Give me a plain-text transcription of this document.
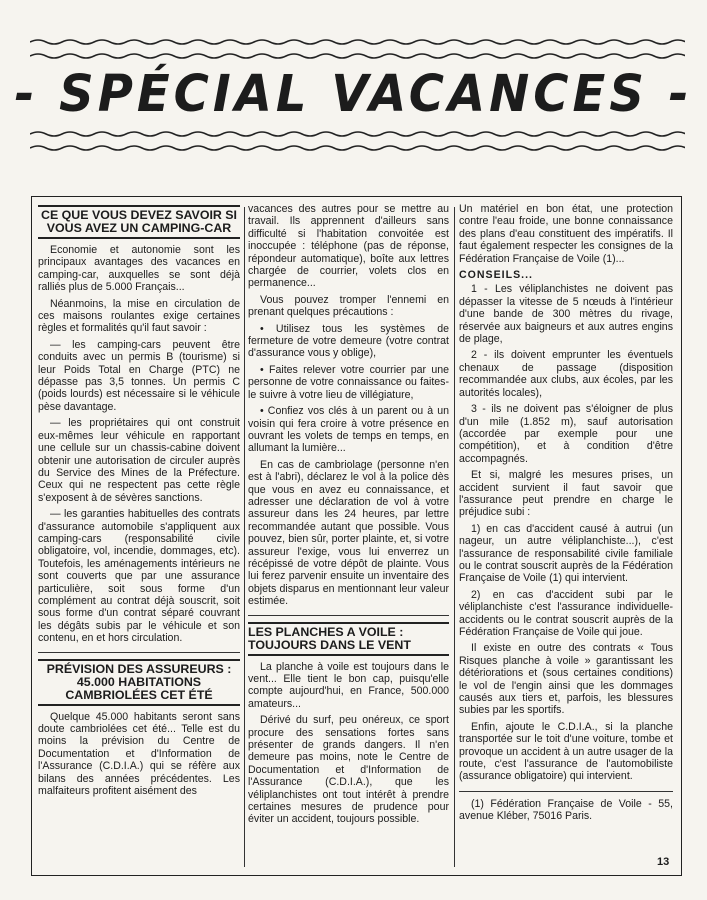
- SPÉCIAL VACANCES -
CE QUE VOUS DEVEZ SAVOIR SI VOUS AVEZ UN CAMPING-CAR

Economie et autonomie sont les principaux avantages des vacances en camping-car, auxquelles se sont déjà ralliés plus de 5.000 Français...

Néanmoins, la mise en circulation de ces maisons roulantes exige certaines règles et formalités qu'il faut savoir :

— les camping-cars peuvent être conduits avec un permis B (tourisme) si leur Poids Total en Charge (PTC) ne dépasse pas 3,5 tonnes. Un permis C (poids lourds) est nécessaire si le véhicule pèse davantage.

— les propriétaires qui ont construit eux-mêmes leur véhicule en rapportant une cellule sur un chassis-cabine doivent obtenir une autorisation de circuler auprès du Service des Mines de la Préfecture. Ceux qui ne respectent pas cette règle s'exposent à de sévères sanctions.

— les garanties habituelles des contrats d'assurance automobile s'appliquent aux camping-cars (responsabilité civile obligatoire, vol, incendie, dommages, etc). Toutefois, les aménagements intérieurs ne sont couverts que par une assurance particulière, soit sous forme d'un complément au contrat déjà souscrit, soit sous forme d'un contrat séparé couvrant les dégâts subis par le véhicule et son contenu, en et hors circulation.

PRÉVISION DES ASSUREURS : 45.000 HABITATIONS CAMBRIOLÉES CET ÉTÉ

Quelque 45.000 habitants seront sans doute cambriolées cet été... Telle est du moins la prévision du Centre de Documentation et d'Information de l'Assurance (C.D.I.A.) qui se réfère aux bilans des années précédentes. Les malfaiteurs profitent aisément des

vacances des autres pour se mettre au travail. Ils apprennent d'ailleurs sans difficulté si l'habitation convoitée est inoccupée : téléphone (pas de réponse, répondeur automatique), boîte aux lettres chargée de courrier, volets clos en permanence...

Vous pouvez tromper l'ennemi en prenant quelques précautions :

• Utilisez tous les systèmes de fermeture de votre demeure (votre contrat d'assurance vous y oblige),

• Faites relever votre courrier par une personne de votre connaissance ou faites-le suivre à votre lieu de villégiature,

• Confiez vos clés à un parent ou à un voisin qui fera croire à votre présence en ouvrant les volets de temps en temps, en allumant la lumière...

En cas de cambriolage (personne n'en est à l'abri), déclarez le vol à la police dès que vous en avez eu connaissance, et adresser une déclaration de vol à votre assureur dans les 24 heures, par lettre recommandée autant que possible. Vous pouvez, bien sûr, porter plainte, et, si votre assureur l'exige, vous lui enverrez un récépissé de votre dépôt de plainte. Vous lui ferez parvenir ensuite un inventaire des objets disparus en mentionnant leur valeur estimée.

LES PLANCHES A VOILE : TOUJOURS DANS LE VENT

La planche à voile est toujours dans le vent... Elle tient le bon cap, puisqu'elle compte aujourd'hui, en France, 500.000 amateurs...

Dérivé du surf, peu onéreux, ce sport procure des sensations fortes sans présenter de grands dangers. Il n'en demeure pas moins, note le Centre de Documentation et d'Information de l'Assurance (C.D.I.A.), que les véliplanchistes ont tout intérêt à prendre certaines mesures de prudence pour éviter un accident, toujours possible.

Un matériel en bon état, une protection contre l'eau froide, une bonne connaissance des plans d'eau constituent des impératifs. Il faut également respecter les consignes de la Fédération Française de Voile (1)...

CONSEILS...

1 - Les véliplanchistes ne doivent pas dépasser la vitesse de 5 nœuds à l'intérieur d'une bande de 300 mètres du rivage, réservée aux baigneurs et aux autres engins de plage,

2 - ils doivent emprunter les éventuels chenaux de passage (disposition recommandée aux clubs, aux écoles, par les autorités locales),

3 - ils ne doivent pas s'éloigner de plus d'un mile (1.852 m), sauf autorisation (accordée par exemple pour une compétition), et à condition d'être accompagnés.

Et si, malgré les mesures prises, un accident survient il faut savoir que l'assurance peut prendre en charge le préjudice subi :

1) en cas d'accident causé à autrui (un nageur, un autre véliplanchiste...), c'est l'assurance de responsabilité civile familiale ou le contrat souscrit auprès de la Fédération Française de Voile (1) qui intervient.

2) en cas d'accident subi par le véliplanchiste c'est l'assurance individuelle-accidents ou le contrat souscrit auprès de la Fédération Française de Voile qui joue.

Il existe en outre des contrats « Tous Risques planche à voile » garantissant les détériorations et (sous certaines conditions) le vol de l'engin ainsi que les dommages causés aux tiers et, parfois, les blessures subies par les sportifs.

Enfin, ajoute le C.D.I.A., si la planche transportée sur le toit d'une voiture, tombe et provoque un accident à un autre usager de la route, c'est l'assurance de l'automobiliste (assurance obligatoire) qui intervient.

(1) Fédération Française de Voile - 55, avenue Kléber, 75016 Paris.

13
